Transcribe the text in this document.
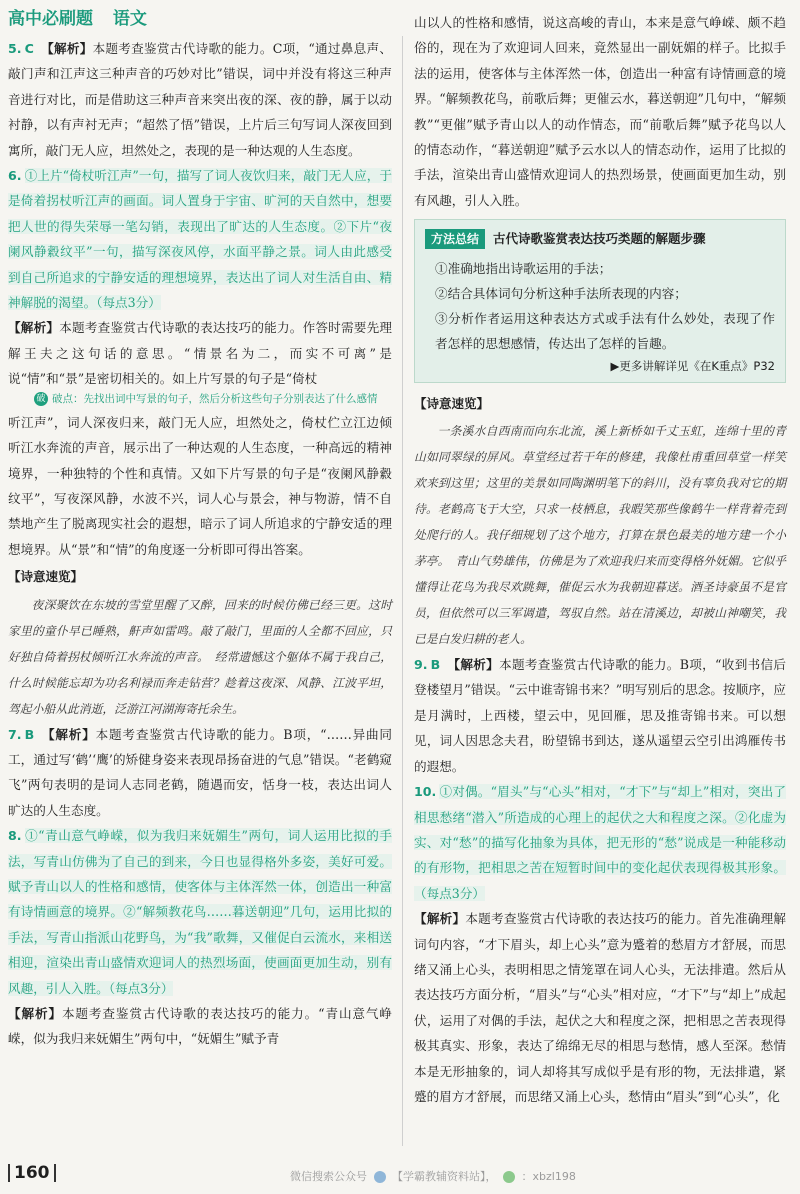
高中必刷题 语文

5. C 【解析】本题考查鉴赏古代诗歌的能力。C项，“通过鼻息声、敲门声和江声这三种声音的巧妙对比”错误，词中并没有将这三种声音进行对比，而是借助这三种声音来突出夜的深、夜的静，属于以动衬静，以有声衬无声；“超然了悟”错误，上片后三句写词人深夜回到寓所，敲门无人应，坦然处之，表现的是一种达观的人生态度。

6. ①上片“倚杖听江声”一句，描写了词人夜饮归来，敲门无人应，于是倚着拐杖听江声的画面。词人置身于宇宙、旷河的天自然中，想要把人世的得失荣辱一笔勾销，表现出了旷达的人生态度。②下片“夜阑风静縠纹平”一句，描写深夜风停，水面平静之景。词人由此感受到自己所追求的宁静安适的理想境界，表达出了词人对生活自由、精神解脱的渴望。（每点3分）

【解析】本题考查鉴赏古代诗歌的表达技巧的能力。作答时需要先理解王夫之这句话的意思。“情景名为二，而实不可离”是说“情”和“景”是密切相关的。如上片写景的句子是“倚杖

破 破点：先找出词中写景的句子，然后分析这些句子分别表达了什么感情

听江声”，词人深夜归来，敲门无人应，坦然处之，倚杖伫立江边倾听江水奔流的声音，展示出了一种达观的人生态度，一种高远的精神境界，一种独特的个性和真情。又如下片写景的句子是“夜阑风静縠纹平”，写夜深风静，水波不兴，词人心与景会，神与物游，情不自禁地产生了脱离现实社会的遐想，暗示了词人所追求的宁静安适的理想境界。从“景”和“情”的角度逐一分析即可得出答案。

【诗意速览】

夜深聚饮在东坡的雪堂里醒了又醉，回来的时候仿佛已经三更。这时家里的童仆早已睡熟，鼾声如雷鸣。敲了敲门，里面的人全都不回应，只好独自倚着拐杖倾听江水奔流的声音。　经常遗憾这个躯体不属于我自己，什么时候能忘却为功名利禄而奔走钻营？趁着这夜深、风静、江波平坦，驾起小船从此消逝，泛游江河湖海寄托余生。

7. B 【解析】本题考查鉴赏古代诗歌的能力。B项，“……异曲同工，通过写‘鹤’‘鹰’的矫健身姿来表现昂扬奋进的气息”错误。“老鹤窥飞”两句表明的是词人志同老鹤，随遇而安，恬身一枝，表达出词人旷达的人生态度。

8. ①“青山意气峥嵘，似为我归来妩媚生”两句，词人运用比拟的手法，写青山仿佛为了自己的到来，今日也显得格外多姿，美好可爱。赋予青山以人的性格和感情，使客体与主体浑然一体，创造出一种富有诗情画意的境界。②“解频教花鸟……暮送朝迎”几句，运用比拟的手法，写青山指派山花野鸟，为“我”歌舞，又催促白云流水，来相送相迎，渲染出青山盛情欢迎词人的热烈场面，使画面更加生动，别有风趣，引人入胜。（每点3分）

【解析】本题考查鉴赏古代诗歌的表达技巧的能力。“青山意气峥嵘，似为我归来妩媚生”两句中，“妩媚生”赋予青

山以人的性格和感情，说这高峻的青山，本来是意气峥嵘、颇不趋俗的，现在为了欢迎词人回来，竟然显出一副妩媚的样子。比拟手法的运用，使客体与主体浑然一体，创造出一种富有诗情画意的境界。“解频教花鸟，前歌后舞；更催云水，暮送朝迎”几句中，“解频教”“更催”赋予青山以人的动作情态，而“前歌后舞”赋予花鸟以人的情态动作，“暮送朝迎”赋予云水以人的情态动作，运用了比拟的手法，渲染出青山盛情欢迎词人的热烈场景，使画面更加生动，别有风趣，引人入胜。

方法总结	古代诗歌鉴赏表达技巧类题的解题步骤

①准确地指出诗歌运用的手法；

②结合具体词句分析这种手法所表现的内容；

③分析作者运用这种表达方式或手法有什么妙处，表现了作者怎样的思想感情，传达出了怎样的旨趣。

▶更多讲解详见《在K重点》P32
【诗意速览】

一条溪水自西南而向东北流，溪上新桥如千丈玉虹，连绵十里的青山如同翠绿的屏风。草堂经过若干年的修建，我像杜甫重回草堂一样笑欢来到这里；这里的美景如同陶渊明笔下的斜川，没有辜负我对它的期待。老鹤高飞于大空，只求一枝栖息，我暇笑那些像鹤牛一样背着壳到处爬行的人。我仔细规划了这个地方，打算在景色最美的地方建一个小茅亭。　青山气势雄伟，仿佛是为了欢迎我归来而变得格外妩媚。它似乎懂得让花鸟为我尽欢跳舞，催促云水为我朝迎暮送。酒圣诗豪虽不是官员，但依然可以三军调遣，驾驭自然。站在清溪边，却被山神嘲笑，我已是白发归耕的老人。

9. B 【解析】本题考查鉴赏古代诗歌的能力。B项，“收到书信后登楼望月”错误。“云中谁寄锦书来？”明写别后的思念。按顺序，应是月满时，上西楼，望云中，见回雁，思及推寄锦书来。可以想见，词人因思念夫君，盼望锦书到达，遂从遥望云空引出鸿雁传书的遐想。

10. ①对偶。“眉头”与“心头”相对，“才下”与“却上”相对，突出了相思愁绪“潜入”所造成的心理上的起伏之大和程度之深。②化虚为实、对“愁”的描写化抽象为具体，把无形的“愁”说成是一种能移动的有形物，把相思之苦在短暂时间中的变化起伏表现得极其形象。（每点3分）

【解析】本题考查鉴赏古代诗歌的表达技巧的能力。首先准确理解词句内容，“才下眉头，却上心头”意为蹙着的愁眉方才舒展，而思绪又涌上心头，表明相思之情笼罩在词人心头，无法排遣。然后从表达技巧方面分析，“眉头”与“心头”相对应，“才下”与“却上”成起伏，运用了对偶的手法，起伏之大和程度之深，把相思之苦表现得极其真实、形象，表达了绵绵无尽的相思与愁情，感人至深。愁情本是无形抽象的，词人却将其写成似乎是有形的物，无法排遣，紧蹙的眉方才舒展，而思绪又涌上心头，愁情由“眉头”到“心头”，化

160	微信搜索公众号 【学霸教辅资料站】， ：xbzl198
